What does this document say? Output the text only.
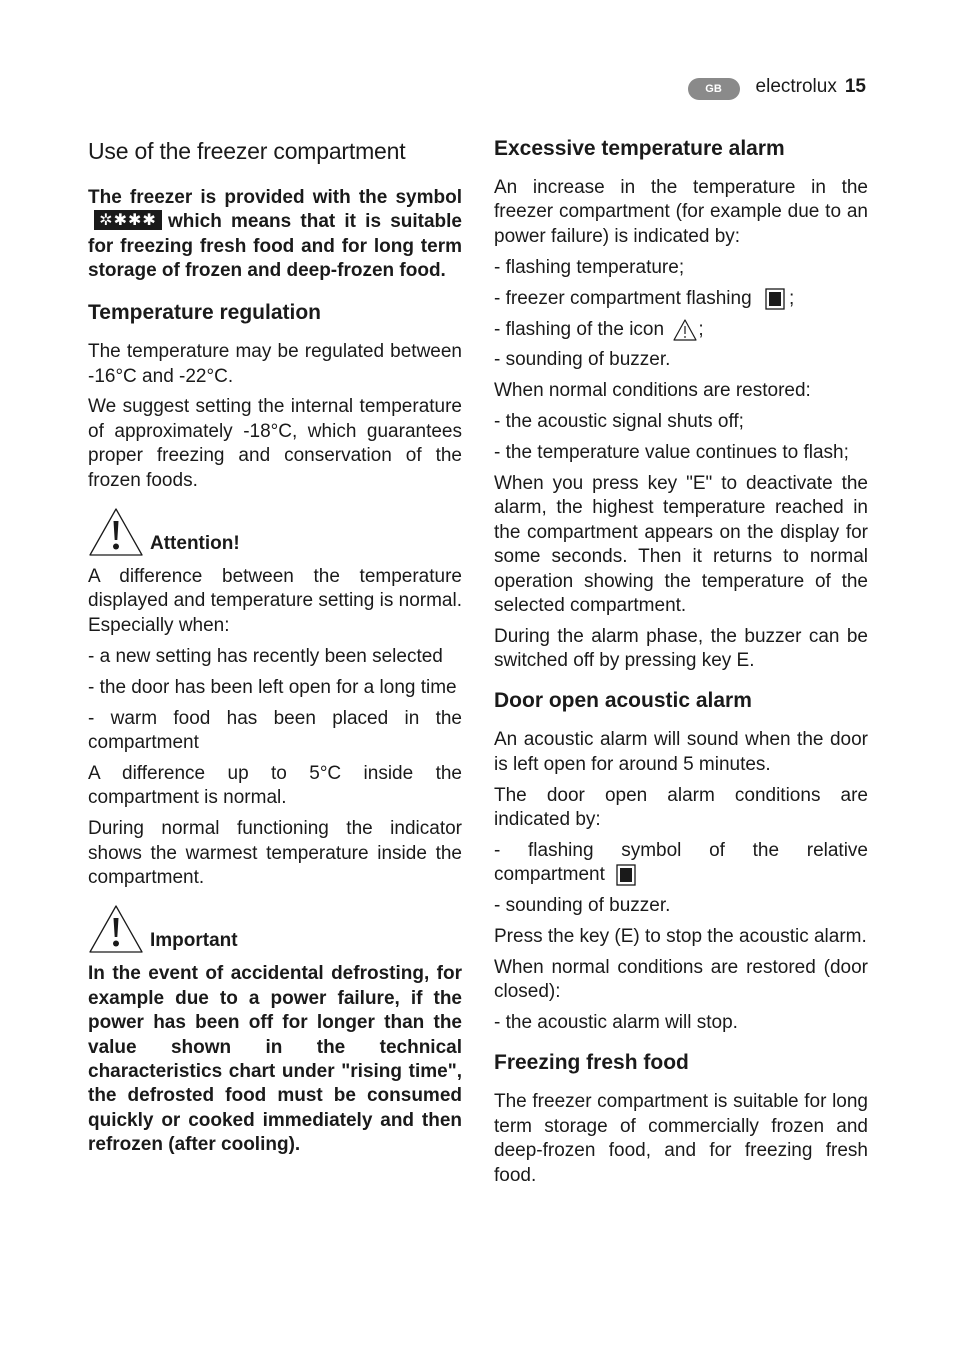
GB	electrolux 15
Use of the freezer compartment

The freezer is provided with the symbol✲✱✱✱ which means that it is suitable for freezing fresh food and for long term storage of frozen and deep-frozen food.

Temperature regulation

The temperature may be regulated between -16°C and -22°C.

We suggest setting the internal temperature of approximately -18°C, which guarantees proper freezing and conservation of the frozen foods.

Attention!

A difference between the temperature displayed and temperature setting is normal. Especially when:

- a new setting has recently been selected

- the door has been left open for a long time

- warm food has been placed in the compartment

A difference up to 5°C inside the compartment is normal.

During normal functioning the indicator shows the warmest temperature inside the compartment.

Important

In the event of accidental defrosting, for example due to a power failure, if the power has been off for longer than the value shown in the technical characteristics chart under "rising time", the defrosted food must be consumed quickly or cooked immediately and then refrozen (after cooling).

Excessive temperature alarm

An increase in the temperature in the freezer compartment (for example due to an power failure) is indicated by:

- flashing temperature;

- freezer compartment flashing ;

- flashing of the icon ;

- sounding of buzzer.

When normal conditions are restored:

- the acoustic signal shuts off;

- the temperature value continues to flash;

When you press key "E" to deactivate the alarm, the highest temperature reached in the compartment appears on the display for some seconds. Then it returns to normal operation showing the temperature of the selected compartment.

During the alarm phase, the buzzer can be switched off by pressing key E.

Door open acoustic alarm

An acoustic alarm will sound when the door is left open for around 5 minutes.

The door open alarm conditions are indicated by:

- flashing symbol of the relative compartment

- sounding of buzzer.

Press the key (E) to stop the acoustic alarm.

When normal conditions are restored (door closed):

- the acoustic alarm will stop.

Freezing fresh food

The freezer compartment is suitable for long term storage of commercially frozen and deep-frozen food, and for freezing fresh food.
